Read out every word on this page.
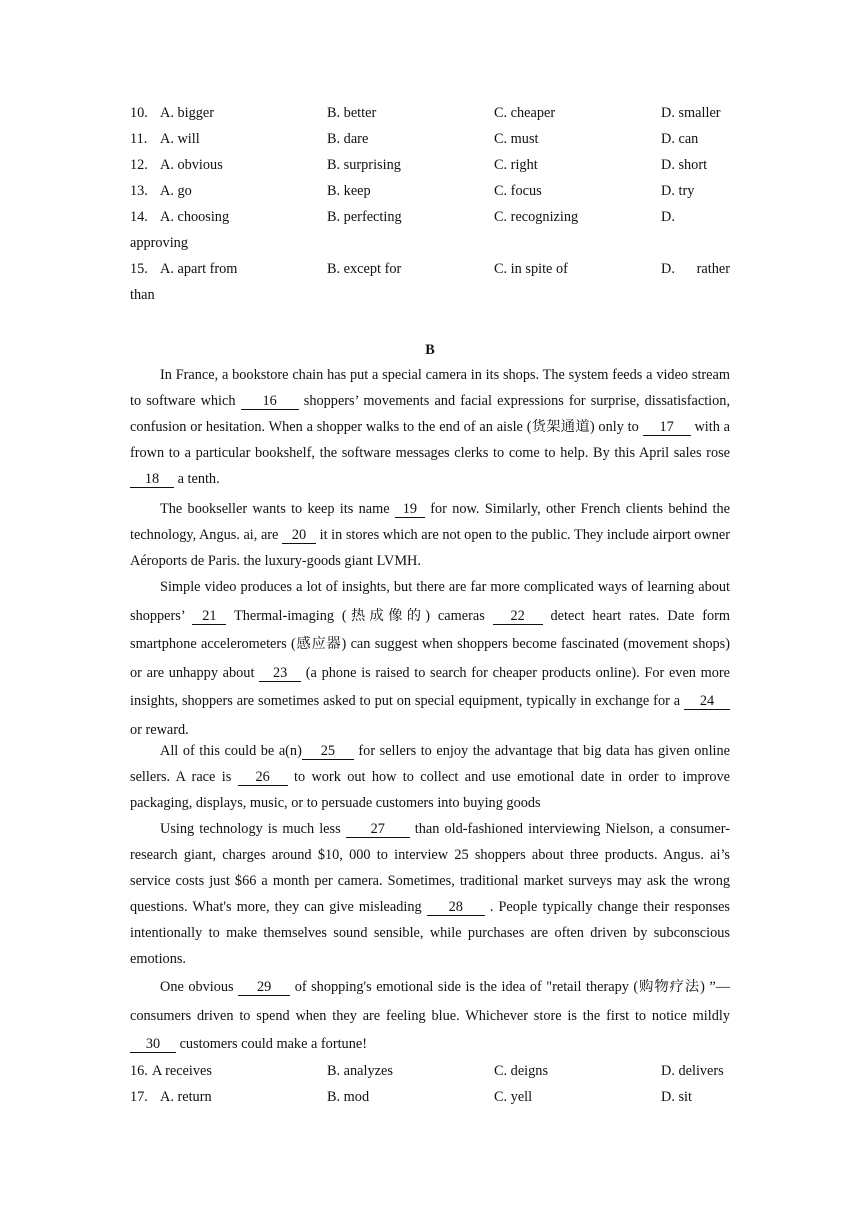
10. A. bigger	B. better	C. cheaper	D. smaller
11. A. will	B. dare	C. must	D. can
12. A. obvious	B. surprising	C. right	D. short
13. A. go	B. keep	C. focus	D. try
14. A. choosing	B. perfecting	C. recognizing	D.
approving
15. A. apart from	B. except for	C. in spite of	D. rather
than
B

In France, a bookstore chain has put a special camera in its shops. The system feeds a video stream to software which 16 shoppers’ movements and facial expressions for surprise, dissatisfaction, confusion or hesitation. When a shopper walks to the end of an aisle (货架通道) only to 17 with a frown to a particular bookshelf, the software messages clerks to come to help. By this April sales rose 18 a tenth.

The bookseller wants to keep its name 19 for now. Similarly, other French clients behind the technology, Angus. ai, are 20 it in stores which are not open to the public. They include airport owner Aéroports de Paris. the luxury-goods giant LVMH.

Simple video produces a lot of insights, but there are far more complicated ways of learning about shoppers’ 21 Thermal-imaging (热成像的) cameras 22 detect heart rates. Date form smartphone accelerometers (感应器) can suggest when shoppers become fascinated (movement shops) or are unhappy about 23 (a phone is raised to search for cheaper products online). For even more insights, shoppers are sometimes asked to put on special equipment, typically in exchange for a 24 or reward.

All of this could be a(n) 25 for sellers to enjoy the advantage that big data has given online sellers. A race is 26 to work out how to collect and use emotional date in order to improve packaging, displays, music, or to persuade customers into buying goods

Using technology is much less 27 than old-fashioned interviewing Nielson, a consumer-research giant, charges around $10, 000 to interview 25 shoppers about three products. Angus. ai’s service costs just $66 a month per camera. Sometimes, traditional market surveys may ask the wrong questions. What's more, they can give misleading 28 . People typically change their responses intentionally to make themselves sound sensible, while purchases are often driven by subconscious emotions.

One obvious 29 of shopping's emotional side is the idea of "retail therapy (购物疗法) ”—consumers driven to spend when they are feeling blue. Whichever store is the first to notice mildly 30 customers could make a fortune!

16. A receives	B. analyzes	C. deigns	D. delivers
17. A. return	B. mod	C. yell	D. sit
